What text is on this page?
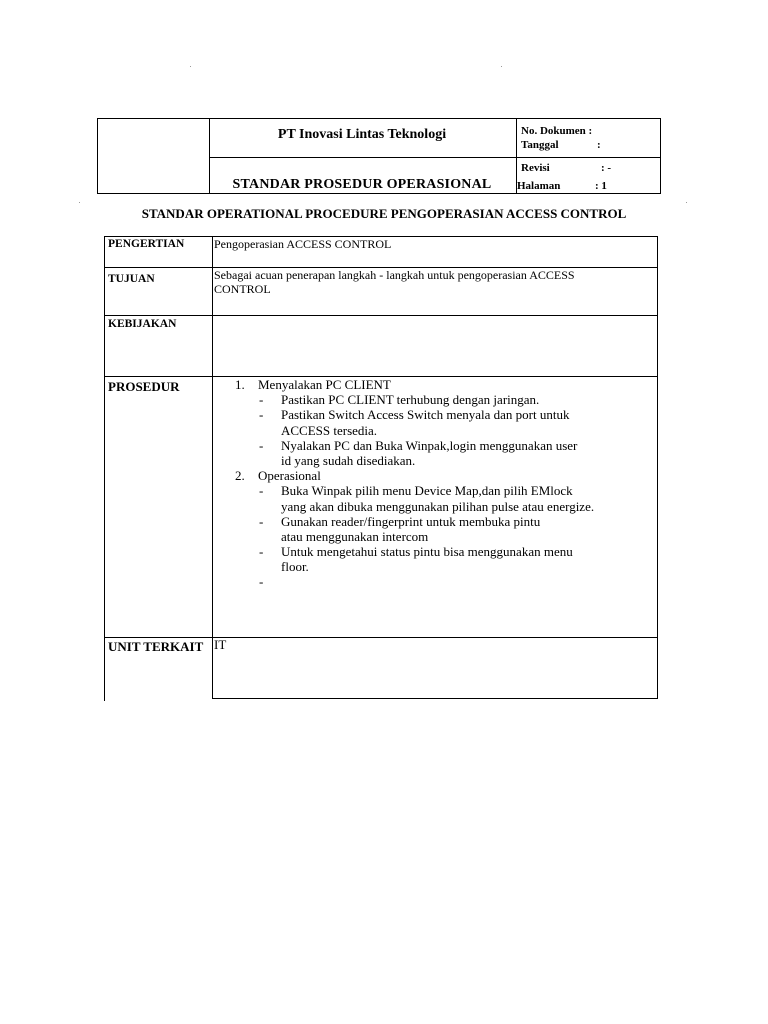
PT Inovasi Lintas Teknologi
STANDAR PROSEDUR OPERASIONAL
No. Dokumen :
Tanggal	:
Revisi	: -
Halaman	: 1
STANDAR OPERATIONAL PROCEDURE PENGOPERASIAN ACCESS CONTROL
PENGERTIAN Pengoperasian ACCESS CONTROL
TUJUAN	Sebagai acuan penerapan langkah - langkah untuk pengoperasian ACCESS
CONTROL
KEBIJAKAN
PROSEDUR	1. Menyalakan PC CLIENT
- Pastikan PC CLIENT terhubung dengan jaringan.
- Pastikan Switch Access Switch menyala dan port untuk
ACCESS tersedia.
- Nyalakan PC dan Buka Winpak,login menggunakan user
id yang sudah disediakan.
2. Operasional
- Buka Winpak pilih menu Device Map,dan pilih EMlock
yang akan dibuka menggunakan pilihan pulse atau energize.
- Gunakan reader/fingerprint untuk membuka pintu
atau menggunakan intercom
- Untuk mengetahui status pintu bisa menggunakan menu
floor.
-
UNIT TERKAIT IT
